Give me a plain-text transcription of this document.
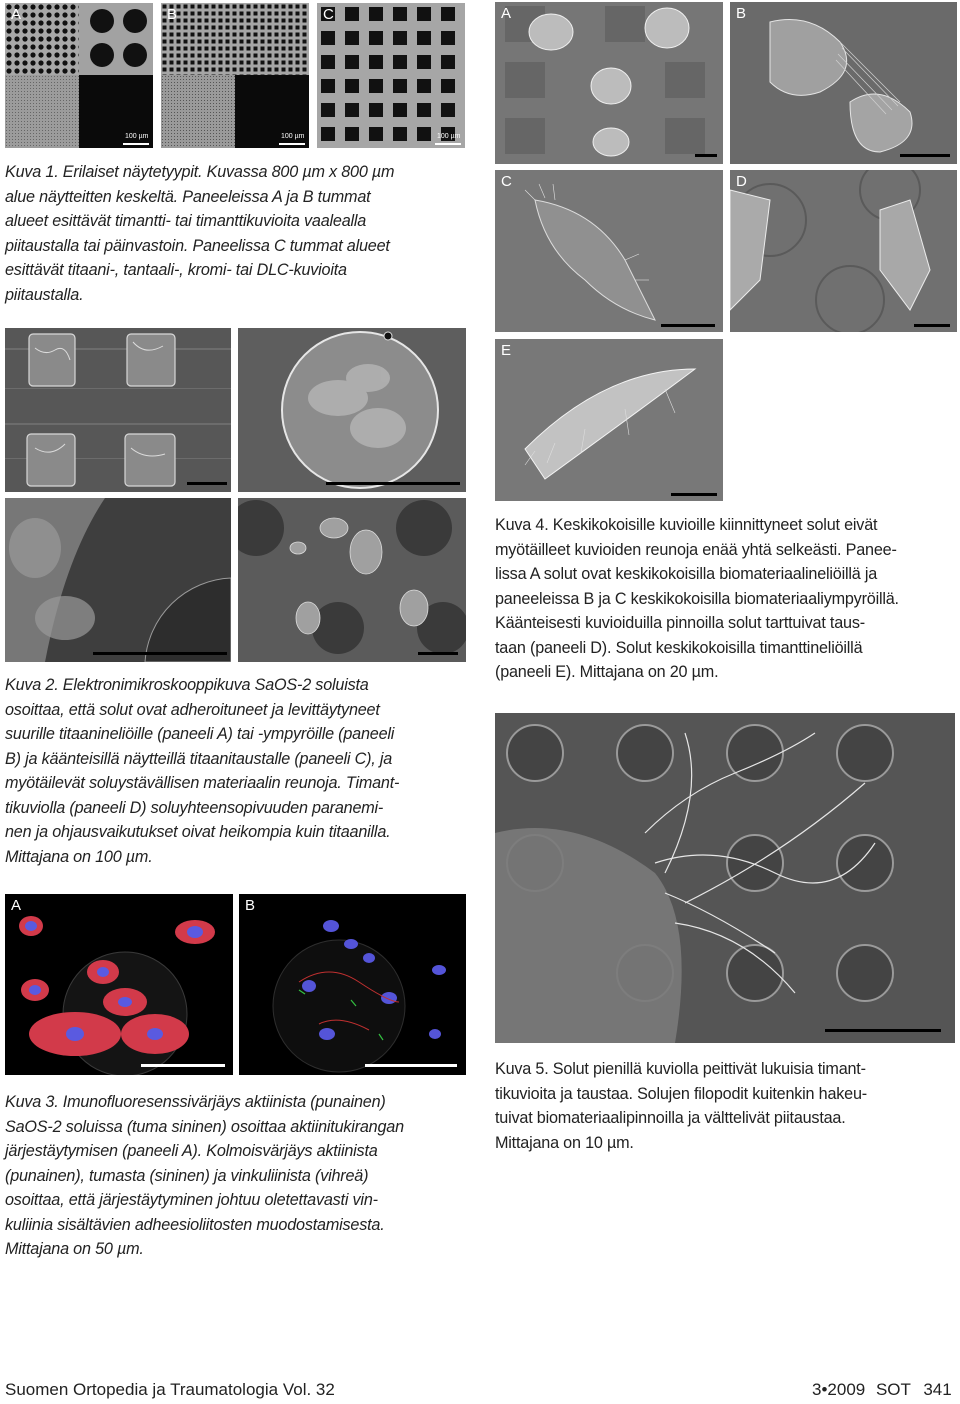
A
100 µm
B
100 µm
C
100 µm
Kuva 1. Erilaiset näytetyypit. Kuvassa 800 µm x 800 µm
alue näytteitten keskeltä. Paneeleissa A ja B tummat
alueet esittävät timantti- tai timanttikuvioita vaalealla
piitaustalla tai päinvastoin. Paneelissa C tummat alueet
esittävät titaani-, tantaali-, kromi- tai DLC-kuvioita
piitaustalla.
Kuva 2. Elektronimikroskooppikuva SaOS-2 soluista
osoittaa, että solut ovat adheroituneet ja levittäytyneet
suurille titaanineliöille (paneeli A) tai -ympyröille (paneeli
B) ja käänteisillä näytteillä titaanitaustalle (paneeli C), ja
myötäilevät soluystävällisen materiaalin reunoja. Timant-
tikuviolla (paneeli D) soluyhteensopivuuden paranemi-
nen ja ohjausvaikutukset oivat heikompia kuin titaanilla.
Mittajana on 100 µm.
A	B
Kuva 3. Imunofluoresenssivärjäys aktiinista (punainen)
SaOS-2 soluissa (tuma sininen) osoittaa aktiinitukirangan
järjestäytymisen (paneeli A). Kolmoisvärjäys aktiinista
(punainen), tumasta (sininen) ja vinkuliinista (vihreä)
osoittaa, että järjestäytyminen johtuu oletettavasti vin-
kuliinia sisältävien adheesioliitosten muodostamisesta.
Mittajana on 50 µm.
A	B
C	D
E
Kuva 4. Keskikokoisille kuvioille kiinnittyneet solut eivät
myötäilleet kuvioiden reunoja enää yhtä selkeästi. Panee-
lissa A solut ovat keskikokoisilla biomateriaalineliöillä ja
paneeleissa B ja C keskikokoisilla biomateriaaliympyröillä.
Käänteisesti kuvioiduilla pinnoilla solut tarttuivat taus-
taan (paneeli D). Solut keskikokoisilla timanttineliöillä
(paneeli E). Mittajana on 20 µm.
Kuva 5. Solut pienillä kuviolla peittivät lukuisia timant-
tikuvioita ja taustaa. Solujen filopodit kuitenkin hakeu-
tuivat biomateriaalipinnoilla ja välttelivät piitaustaa.
Mittajana on 10 µm.
Suomen Ortopedia ja Traumatologia Vol. 32	3•2009 SOT 341
